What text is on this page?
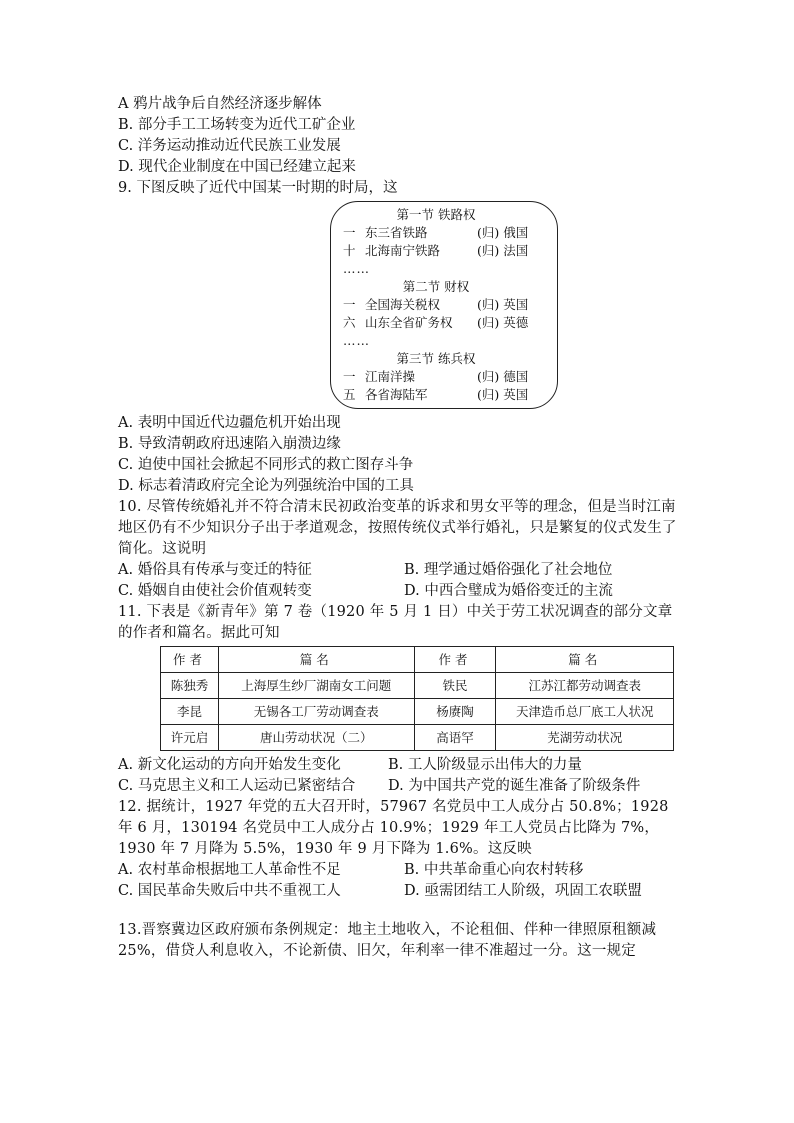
A 鸦片战争后自然经济逐步解体
B. 部分手工工场转变为近代工矿企业
C. 洋务运动推动近代民族工业发展
D. 现代企业制度在中国已经建立起来
9. 下图反映了近代中国某一时期的时局，这
第一节 铁路权
一 东三省铁路	(归) 俄国
十 北海南宁铁路	(归) 法国
……
第二节 财权
一 全国海关税权	(归) 英国
六 山东全省矿务权	(归) 英德
……
第三节 练兵权
一 江南洋操	(归) 德国
五 各省海陆军	(归) 英国
A. 表明中国近代边疆危机开始出现
B. 导致清朝政府迅速陷入崩溃边缘
C. 迫使中国社会掀起不同形式的救亡图存斗争
D. 标志着清政府完全论为列强统治中国的工具
10. 尽管传统婚礼并不符合清末民初政治变革的诉求和男女平等的理念，但是当时江南地区仍有不少知识分子出于孝道观念，按照传统仪式举行婚礼，只是繁复的仪式发生了简化。这说明
A. 婚俗具有传承与变迁的特征	B. 理学通过婚俗强化了社会地位
C. 婚姻自由使社会价值观转变	D. 中西合璧成为婚俗变迁的主流
11. 下表是《新青年》第 7 卷（1920 年 5 月 1 日）中关于劳工状况调查的部分文章的作者和篇名。据此可知
作者	篇名	作者	篇名
陈独秀	上海厚生纱厂湖南女工问题	铁民	江苏江都劳动调查表
李昆	无锡各工厂劳动调查表	杨赓陶	天津造币总厂底工人状况
许元启	唐山劳动状况（二）	高语罕	芜湖劳动状况
A. 新文化运动的方向开始发生变化	B. 工人阶级显示出伟大的力量
C. 马克思主义和工人运动已紧密结合	D. 为中国共产党的诞生准备了阶级条件
12. 据统计，1927 年党的五大召开时，57967 名党员中工人成分占 50.8%；1928 年 6 月，130194 名党员中工人成分占 10.9%；1929 年工人党员占比降为 7%，1930 年 7 月降为 5.5%，1930 年 9 月下降为 1.6%。这反映
A. 农村革命根据地工人革命性不足	B. 中共革命重心向农村转移
C. 国民革命失败后中共不重视工人	D. 亟需团结工人阶级，巩固工农联盟
13.晋察冀边区政府颁布条例规定：地主土地收入，不论租佃、伴种一律照原租额减 25%，借贷人利息收入，不论新债、旧欠，年利率一律不准超过一分。这一规定
